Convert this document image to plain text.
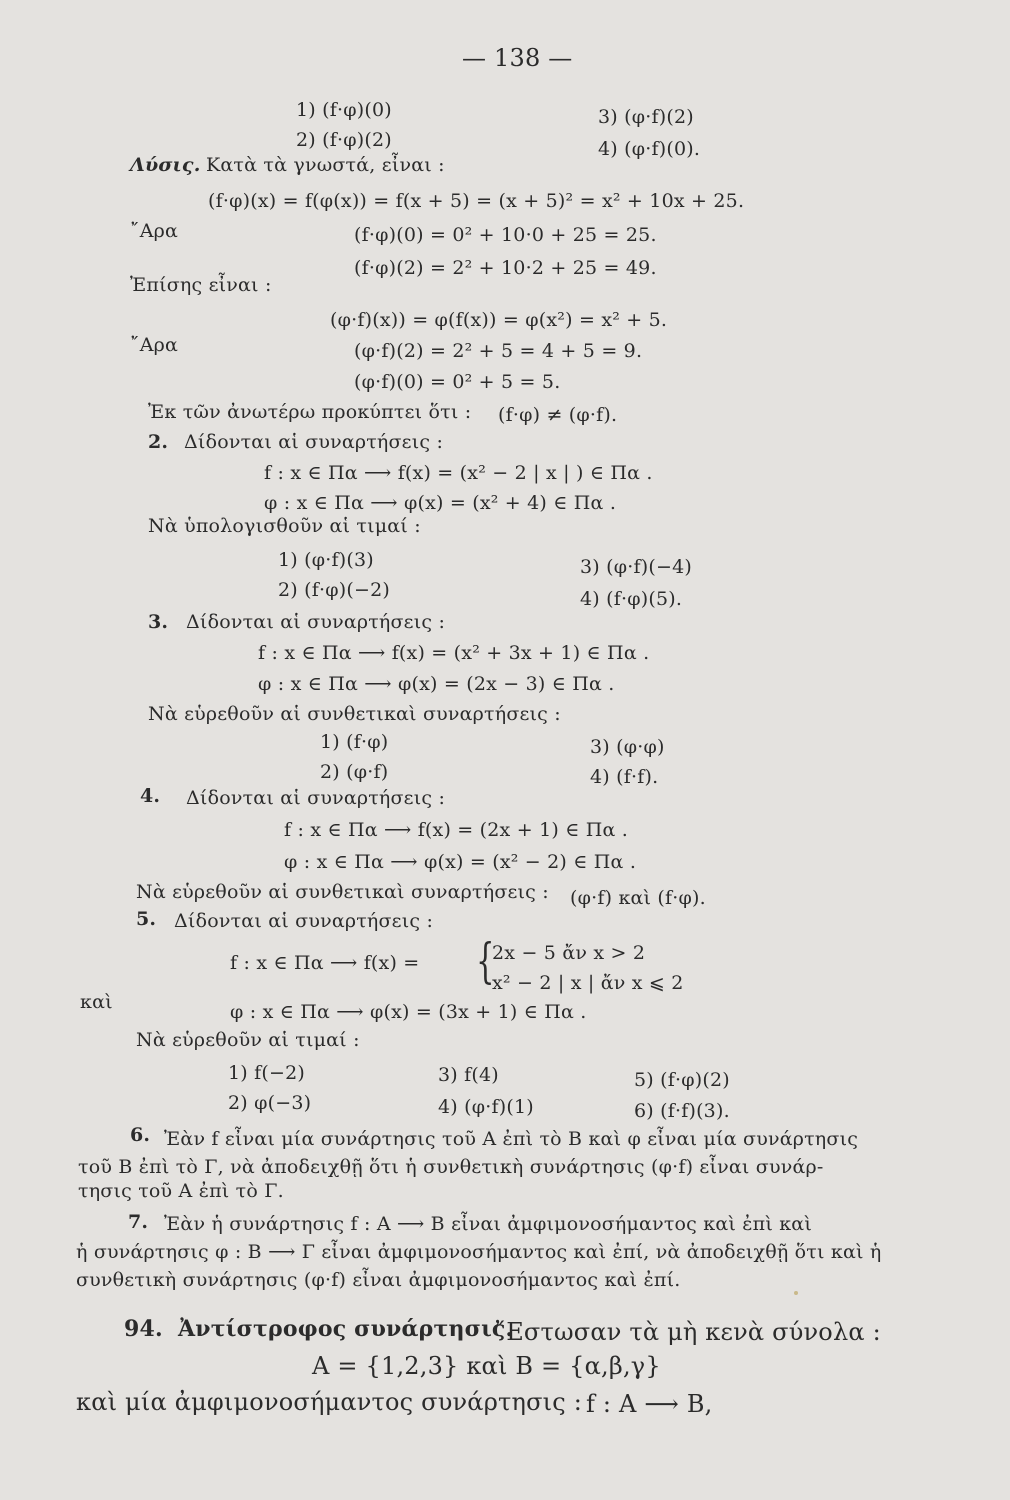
— 138 —
1) (f·φ)(0)	3) (φ·f)(2)
2) (f·φ)(2)	4) (φ·f)(0).
Λύσις. Κατὰ τὰ γνωστά, εἶναι :
(f·φ)(x) = f(φ(x)) = f(x + 5) = (x + 5)² = x² + 10x + 25.
῎Αρα	(f·φ)(0) = 0² + 10·0 + 25 = 25.
(f·φ)(2) = 2² + 10·2 + 25 = 49.
Ἐπίσης εἶναι :
(φ·f)(x)) = φ(f(x)) = φ(x²) = x² + 5.
῎Αρα	(φ·f)(2) = 2² + 5 = 4 + 5 = 9.
(φ·f)(0) = 0² + 5 = 5.
Ἐκ τῶν ἀνωτέρω προκύπτει ὅτι : (f·φ) ≠ (φ·f).
2. Δίδονται αἱ συναρτήσεις :
f : x ∈ Πα ⟶ f(x) = (x² − 2 | x | ) ∈ Πα .
φ : x ∈ Πα ⟶ φ(x) = (x² + 4) ∈ Πα .
Νὰ ὑπολογισθοῦν αἱ τιμαί :
1) (φ·f)(3)	3) (φ·f)(−4)
2) (f·φ)(−2)	4) (f·φ)(5).
3. Δίδονται αἱ συναρτήσεις :
f : x ∈ Πα ⟶ f(x) = (x² + 3x + 1) ∈ Πα .
φ : x ∈ Πα ⟶ φ(x) = (2x − 3) ∈ Πα .
Νὰ εὑρεθοῦν αἱ συνθετικαὶ συναρτήσεις :
1) (f·φ)	3) (φ·φ)
2) (φ·f)	4) (f·f).
4. Δίδονται αἱ συναρτήσεις :
f : x ∈ Πα ⟶ f(x) = (2x + 1) ∈ Πα .
φ : x ∈ Πα ⟶ φ(x) = (x² − 2) ∈ Πα .
Νὰ εὑρεθοῦν αἱ συνθετικαὶ συναρτήσεις : (φ·f) καὶ (f·φ).
5. Δίδονται αἱ συναρτήσεις :
f : x ∈ Πα ⟶ f(x) = {
2x − 5 ἄν x > 2
x² − 2 | x | ἄν x ⩽ 2
καὶ	φ : x ∈ Πα ⟶ φ(x) = (3x + 1) ∈ Πα .
Νὰ εὑρεθοῦν αἱ τιμαί :
1) f(−2)	3) f(4)	5) (f·φ)(2)
2) φ(−3)	4) (φ·f)(1)	6) (f·f)(3).
6. Ἐὰν f εἶναι μία συνάρτησις τοῦ Α ἐπὶ τὸ Β καὶ φ εἶναι μία συνάρτησις
τοῦ Β ἐπὶ τὸ Γ, νὰ ἀποδειχθῇ ὅτι ἡ συνθετικὴ συνάρτησις (φ·f) εἶναι συνάρ-
τησις τοῦ Α ἐπὶ τὸ Γ.
7. Ἐὰν ἡ συνάρτησις f : Α ⟶ Β εἶναι ἀμφιμονοσήμαντος καὶ ἐπὶ καὶ
ἡ συνάρτησις φ : Β ⟶ Γ εἶναι ἀμφιμονοσήμαντος καὶ ἐπί, νὰ ἀποδειχθῇ ὅτι καὶ ἡ
συνθετικὴ συνάρτησις (φ·f) εἶναι ἀμφιμονοσήμαντος καὶ ἐπί.
94. Ἀντίστροφος συνάρτησις.
῎Εστωσαν τὰ μὴ κενὰ σύνολα :
Α = {1,2,3} καὶ Β = {α,β,γ}
καὶ μία ἀμφιμονοσήμαντος συνάρτησις : f : Α ⟶ Β,
